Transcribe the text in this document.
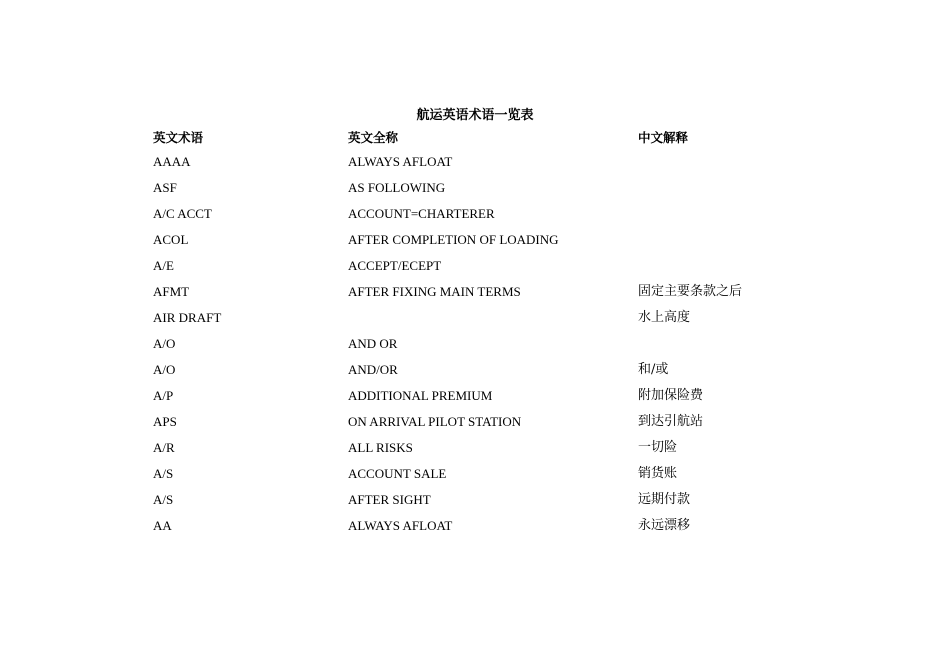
航运英语术语一览表
英文术语	英文全称	中文解释
AAAA	ALWAYS AFLOAT	
ASF	AS FOLLOWING	
A/C ACCT	ACCOUNT=CHARTERER	
ACOL	AFTER COMPLETION OF LOADING	
A/E	ACCEPT/ECEPT	
AFMT	AFTER FIXING MAIN TERMS	固定主要条款之后
AIR DRAFT		水上高度
A/O	AND OR	
A/O	AND/OR	和/或
A/P	ADDITIONAL PREMIUM	附加保险费
APS	ON ARRIVAL PILOT STATION	到达引航站
A/R	ALL RISKS	一切险
A/S	ACCOUNT SALE	销货账
A/S	AFTER SIGHT	远期付款
AA	ALWAYS AFLOAT	永远漂移
